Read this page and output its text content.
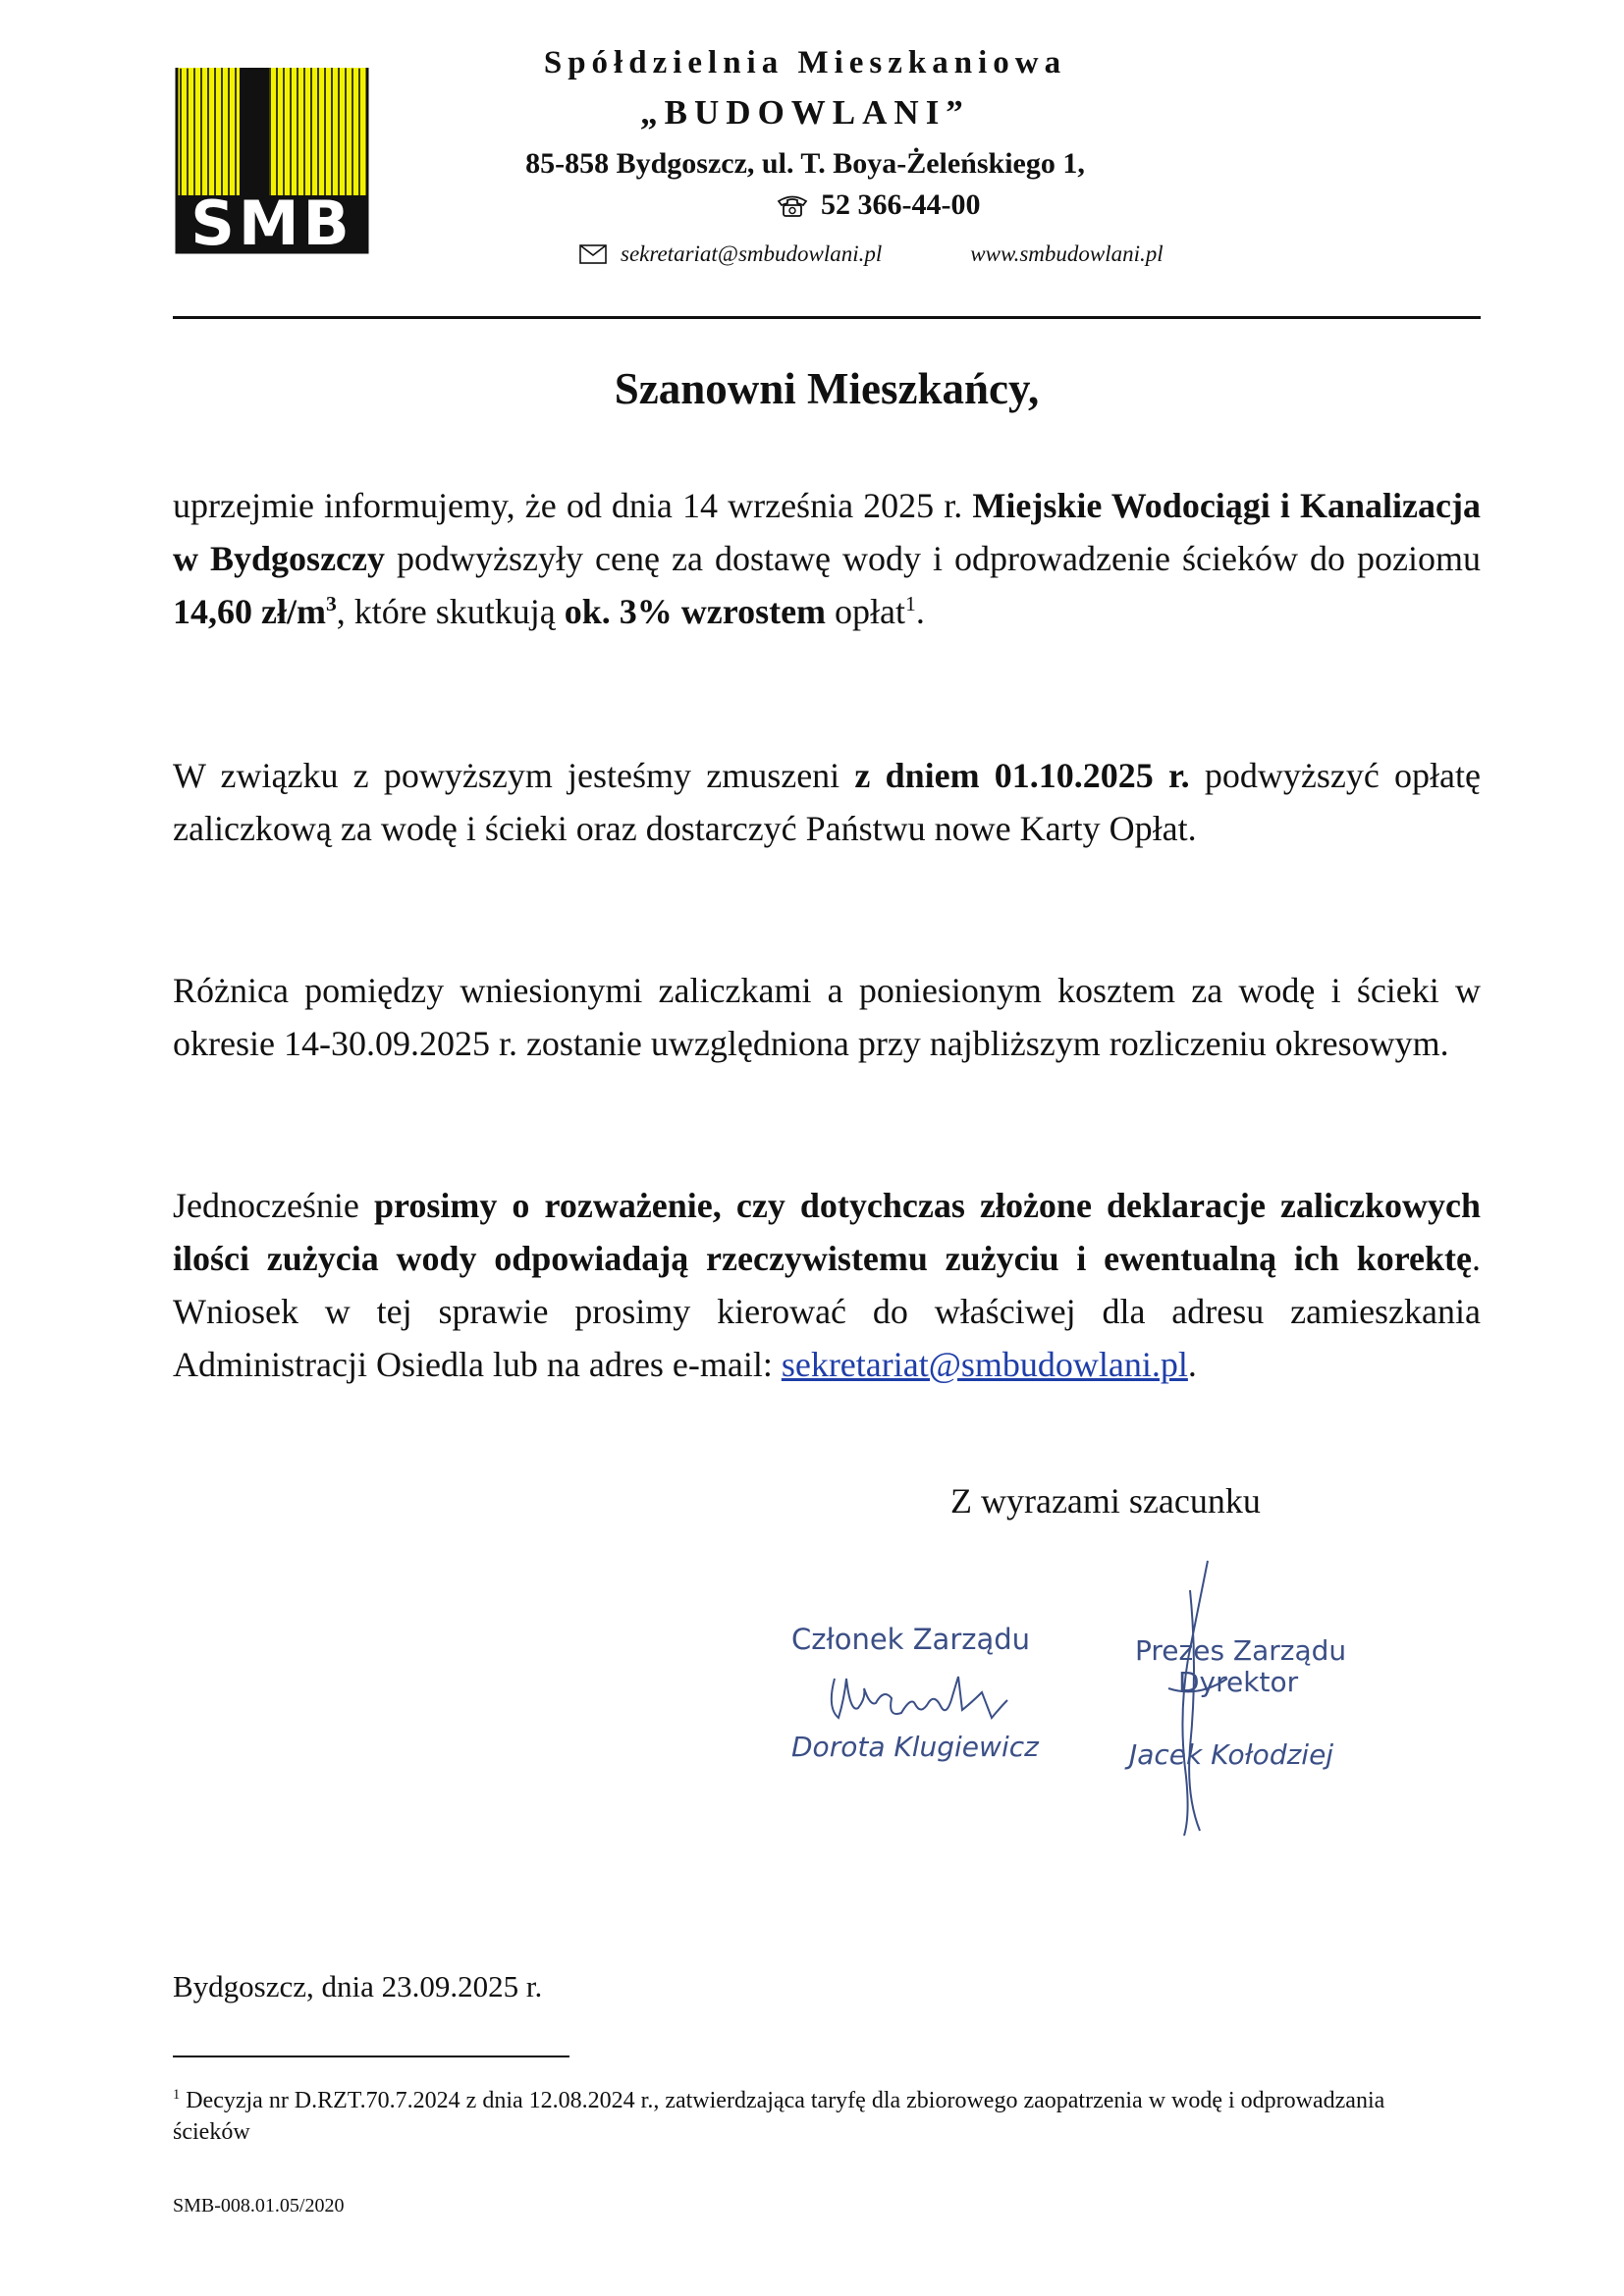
SMB
Spółdzielnia Mieszkaniowa
„BUDOWLANI”
85-858 Bydgoszcz, ul. T. Boya-Żeleńskiego 1,
52 366-44-00
sekretariat@smbudowlani.pl	www.smbudowlani.pl
Szanowni Mieszkańcy,
uprzejmie informujemy, że od dnia 14 września 2025 r. Miejskie Wodociągi i Kanalizacja w Bydgoszczy podwyższyły cenę za dostawę wody i odprowadzenie ścieków do poziomu 14,60 $zł/m^3$, które skutkują ok. 3% wzrostem opłat$^1$.
W związku z powyższym jesteśmy zmuszeni z dniem 01.10.2025 r. podwyższyć opłatę zaliczkową za wodę i ścieki oraz dostarczyć Państwu nowe Karty Opłat.
Różnica pomiędzy wniesionymi zaliczkami a poniesionym kosztem za wodę i ścieki w okresie 14-30.09.2025 r. zostanie uwzględniona przy najbliższym rozliczeniu okresowym.
Jednocześnie prosimy o rozważenie, czy dotychczas złożone deklaracje zaliczkowych ilości zużycia wody odpowiadają rzeczywistemu zużyciu i ewentualną ich korektę. Wniosek w tej sprawie prosimy kierować do właściwej dla adresu zamieszkania Administracji Osiedla lub na adres e-mail: sekretariat@smbudowlani.pl.
Z wyrazami szacunku
Członek Zarządu
Dorota Klugiewicz
Prezes Zarządu
Dyrektor
Jacek Kołodziej
Bydgoszcz, dnia 23.09.2025 r.
$^1$ Decyzja nr D.RZT.70.7.2024 z dnia 12.08.2024 r., zatwierdzająca taryfę dla zbiorowego zaopatrzenia w wodę i odprowadzania ścieków
SMB-008.01.05/2020
